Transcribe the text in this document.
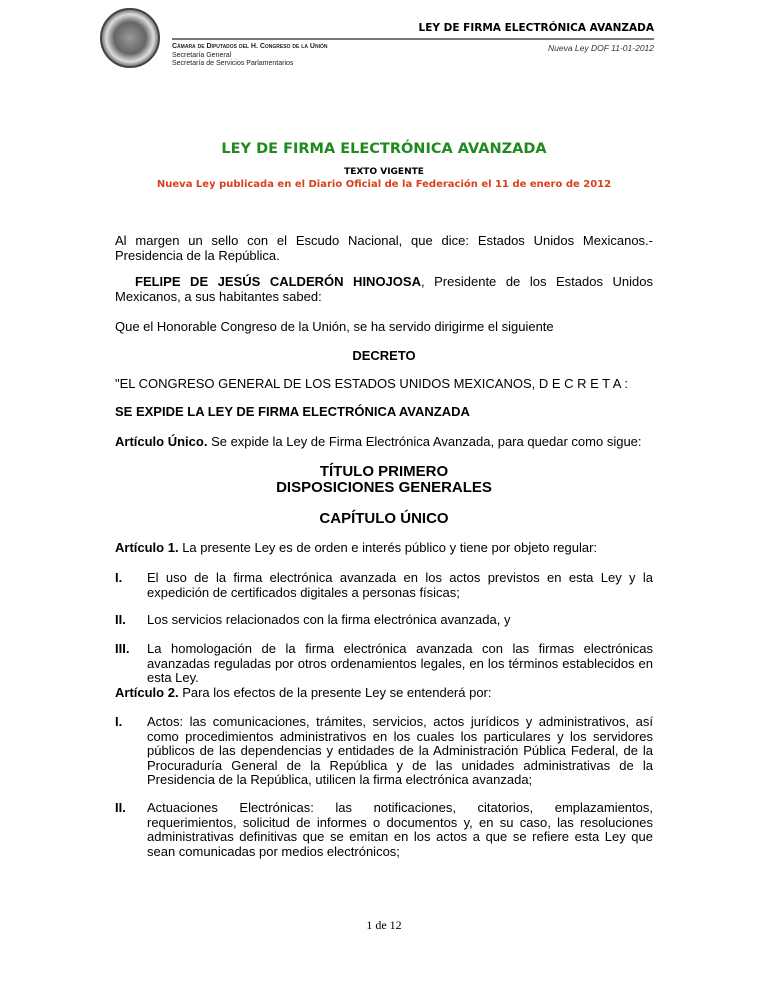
LEY DE FIRMA ELECTRÓNICA AVANZADA
Cámara de Diputados del H. Congreso de la Unión
Secretaría General
Secretaría de Servicios Parlamentarios
Nueva Ley DOF 11-01-2012
LEY DE FIRMA ELECTRÓNICA AVANZADA
TEXTO VIGENTE
Nueva Ley publicada en el Diario Oficial de la Federación el 11 de enero de 2012
Al margen un sello con el Escudo Nacional, que dice: Estados Unidos Mexicanos.- Presidencia de la República.
FELIPE DE JESÚS CALDERÓN HINOJOSA, Presidente de los Estados Unidos Mexicanos, a sus habitantes sabed:
Que el Honorable Congreso de la Unión, se ha servido dirigirme el siguiente
DECRETO
"EL CONGRESO GENERAL DE LOS ESTADOS UNIDOS MEXICANOS, D E C R E T A :
SE EXPIDE LA LEY DE FIRMA ELECTRÓNICA AVANZADA
Artículo Único. Se expide la Ley de Firma Electrónica Avanzada, para quedar como sigue:
TÍTULO PRIMERO
DISPOSICIONES GENERALES
CAPÍTULO ÚNICO
Artículo 1. La presente Ley es de orden e interés público y tiene por objeto regular:
I. El uso de la firma electrónica avanzada en los actos previstos en esta Ley y la expedición de certificados digitales a personas físicas;
II. Los servicios relacionados con la firma electrónica avanzada, y
III. La homologación de la firma electrónica avanzada con las firmas electrónicas avanzadas reguladas por otros ordenamientos legales, en los términos establecidos en esta Ley.
Artículo 2. Para los efectos de la presente Ley se entenderá por:
I. Actos: las comunicaciones, trámites, servicios, actos jurídicos y administrativos, así como procedimientos administrativos en los cuales los particulares y los servidores públicos de las dependencias y entidades de la Administración Pública Federal, de la Procuraduría General de la República y de las unidades administrativas de la Presidencia de la República, utilicen la firma electrónica avanzada;
II. Actuaciones Electrónicas: las notificaciones, citatorios, emplazamientos, requerimientos, solicitud de informes o documentos y, en su caso, las resoluciones administrativas definitivas que se emitan en los actos a que se refiere esta Ley que sean comunicadas por medios electrónicos;
1 de 12
